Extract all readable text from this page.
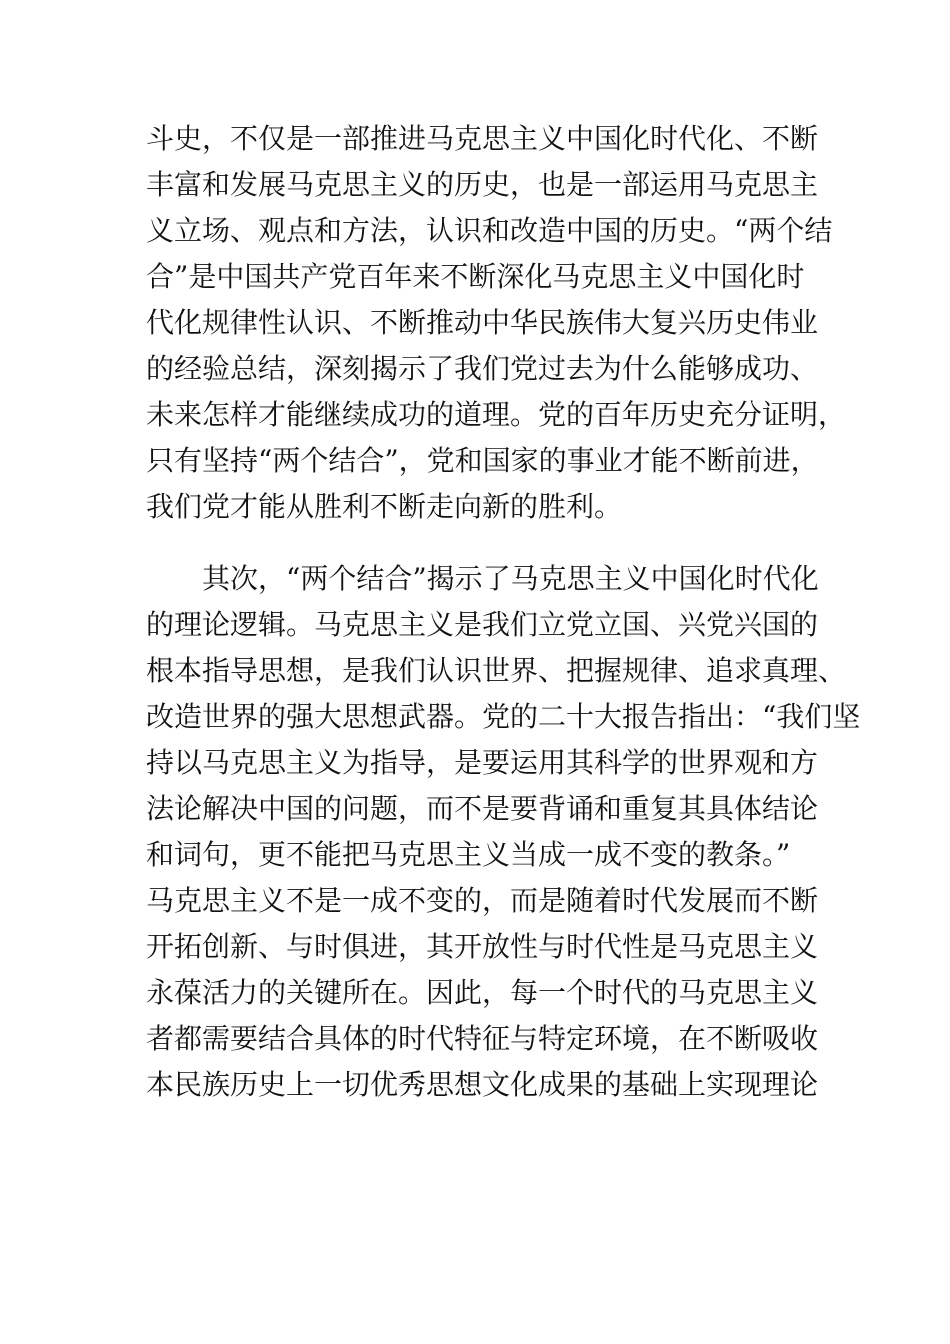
斗史，不仅是一部推进马克思主义中国化时代化、不断
丰富和发展马克思主义的历史，也是一部运用马克思主
义立场、观点和方法，认识和改造中国的历史。“两个结
合”是中国共产党百年来不断深化马克思主义中国化时
代化规律性认识、不断推动中华民族伟大复兴历史伟业
的经验总结，深刻揭示了我们党过去为什么能够成功、
未来怎样才能继续成功的道理。党的百年历史充分证明，
只有坚持“两个结合”，党和国家的事业才能不断前进，
我们党才能从胜利不断走向新的胜利。
其次，“两个结合”揭示了马克思主义中国化时代化
的理论逻辑。马克思主义是我们立党立国、兴党兴国的
根本指导思想，是我们认识世界、把握规律、追求真理、
改造世界的强大思想武器。党的二十大报告指出：“我们坚
持以马克思主义为指导，是要运用其科学的世界观和方
法论解决中国的问题，而不是要背诵和重复其具体结论
和词句，更不能把马克思主义当成一成不变的教条。”
马克思主义不是一成不变的，而是随着时代发展而不断
开拓创新、与时俱进，其开放性与时代性是马克思主义
永葆活力的关键所在。因此，每一个时代的马克思主义
者都需要结合具体的时代特征与特定环境，在不断吸收
本民族历史上一切优秀思想文化成果的基础上实现理论
